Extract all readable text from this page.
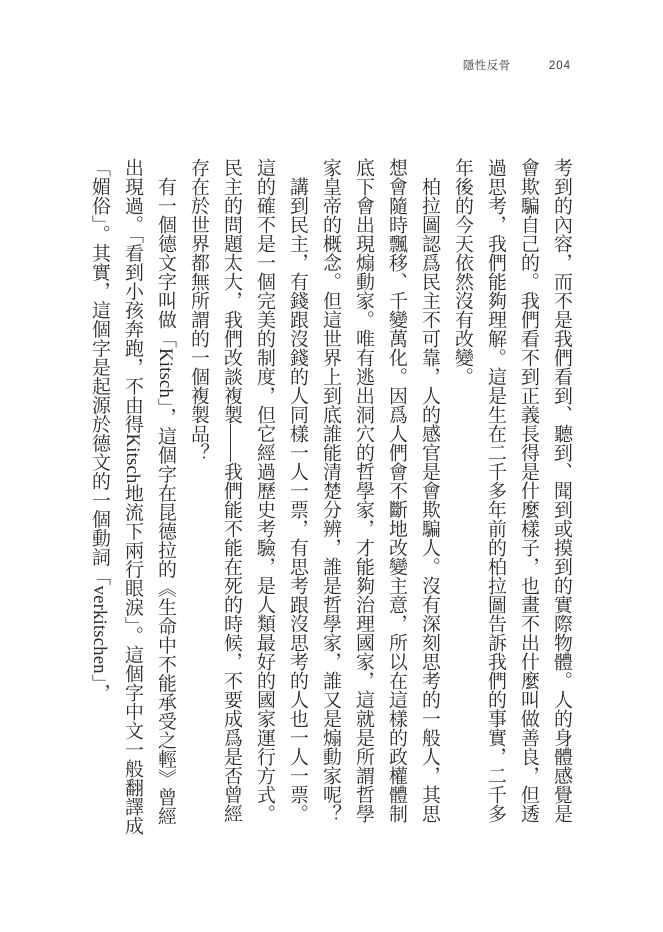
隱性反骨	204

考到的內容，而不是我們看到、聽到、聞到或摸到的實際物體。人的身體感覺是會欺騙自己的。我們看不到正義長得是什麼樣子，也畫不出什麼叫做善良，但透過思考，我們能夠理解。這是生在二千多年前的柏拉圖告訴我們的事實，二千多年後的今天依然沒有改變。

柏拉圖認爲民主不可靠，人的感官是會欺騙人。沒有深刻思考的一般人，其思想會隨時飄移、千變萬化。因爲人們會不斷地改變主意，所以在這樣的政權體制底下會出現煽動家。唯有逃出洞穴的哲學家，才能夠治理國家，這就是所謂哲學家皇帝的概念。但這世界上到底誰能清楚分辨，誰是哲學家，誰又是煽動家呢？

講到民主，有錢跟沒錢的人同樣一人一票，有思考跟沒思考的人也一人一票。這的確不是一個完美的制度，但它經過歷史考驗，是人類最好的國家運行方式。民主的問題太大，我們改談複製——我們能不能在死的時候，不要成爲是否曾經存在於世界都無所謂的一個複製品？

有一個德文字叫做「Kitsch」，這個字在昆德拉的《生命中不能承受之輕》曾經出現過。「看到小孩奔跑，不由得Kitsch地流下兩行眼淚」。這個字中文一般翻譯成「媚俗」。其實，這個字是起源於德文的一個動詞「verkitschen」，
